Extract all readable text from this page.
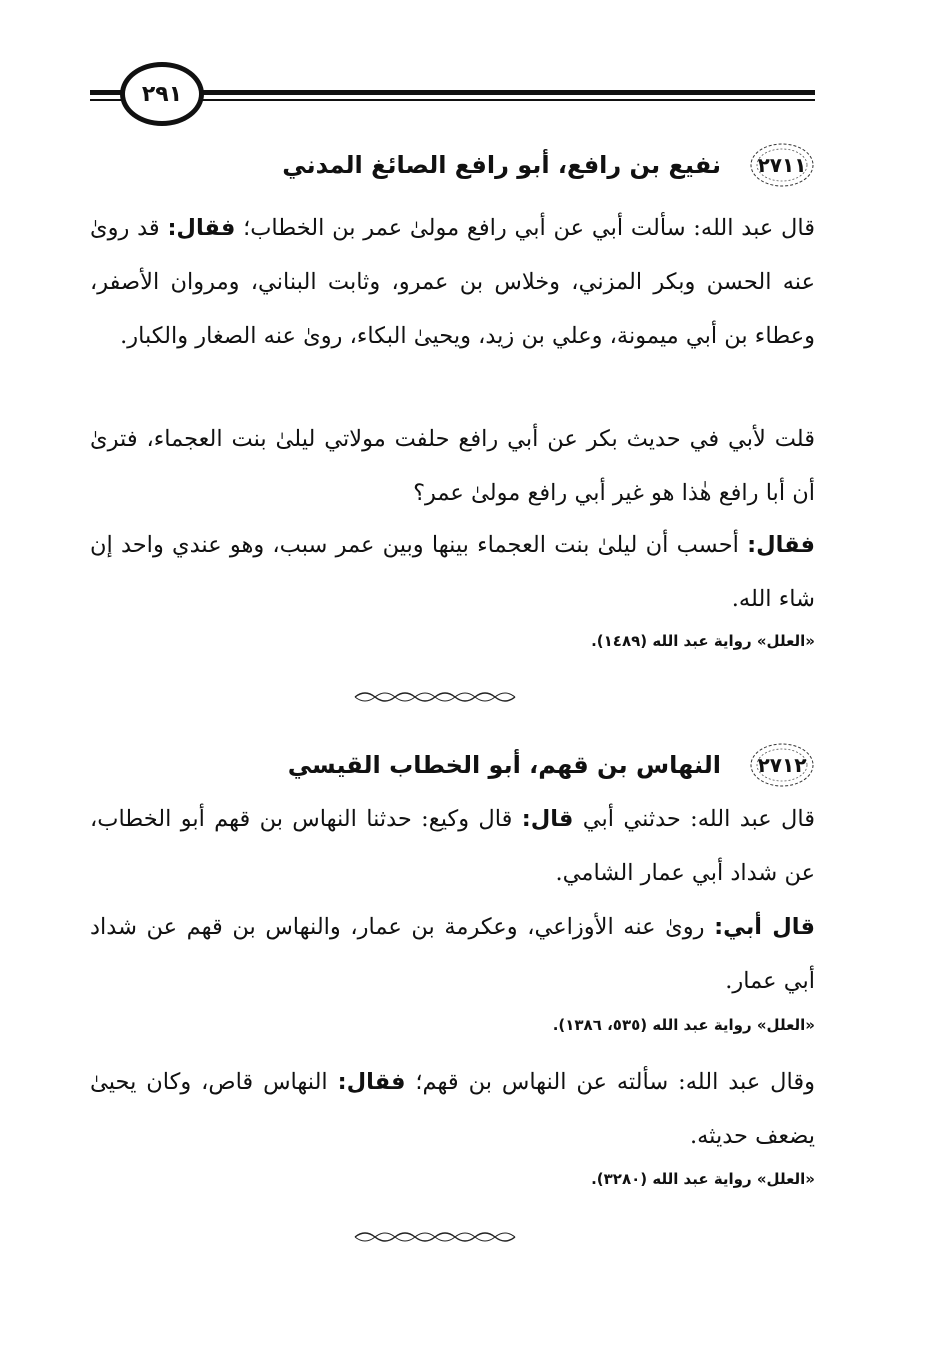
٢٩١
٢٧١١
نفيع بن رافع، أبو رافع الصائغ المدني

قال عبد الله: سألت أبي عن أبي رافع مولىٰ عمر بن الخطاب؛ فقال: قد روىٰ عنه الحسن وبكر المزني، وخلاس بن عمرو، وثابت البناني، ومروان الأصفر، وعطاء بن أبي ميمونة، وعلي بن زيد، ويحيىٰ البكاء، روىٰ عنه الصغار والكبار.

قلت لأبي في حديث بكر عن أبي رافع حلفت مولاتي ليلىٰ بنت العجماء، فترىٰ أن أبا رافع هٰذا هو غير أبي رافع مولىٰ عمر؟

فقال: أحسب أن ليلىٰ بنت العجماء بينها وبين عمر سبب، وهو عندي واحد إن شاء الله.

«العلل» رواية عبد الله (١٤٨٩).
٢٧١٢
النهاس بن قهم، أبو الخطاب القيسي

قال عبد الله: حدثني أبي قال: قال وكيع: حدثنا النهاس بن قهم أبو الخطاب، عن شداد أبي عمار الشامي.

قال أبي: روىٰ عنه الأوزاعي، وعكرمة بن عمار، والنهاس بن قهم عن شداد أبي عمار.

«العلل» رواية عبد الله (٥٣٥، ١٣٨٦).

وقال عبد الله: سألته عن النهاس بن قهم؛ فقال: النهاس قاص، وكان يحيىٰ يضعف حديثه.

«العلل» رواية عبد الله (٣٢٨٠).
